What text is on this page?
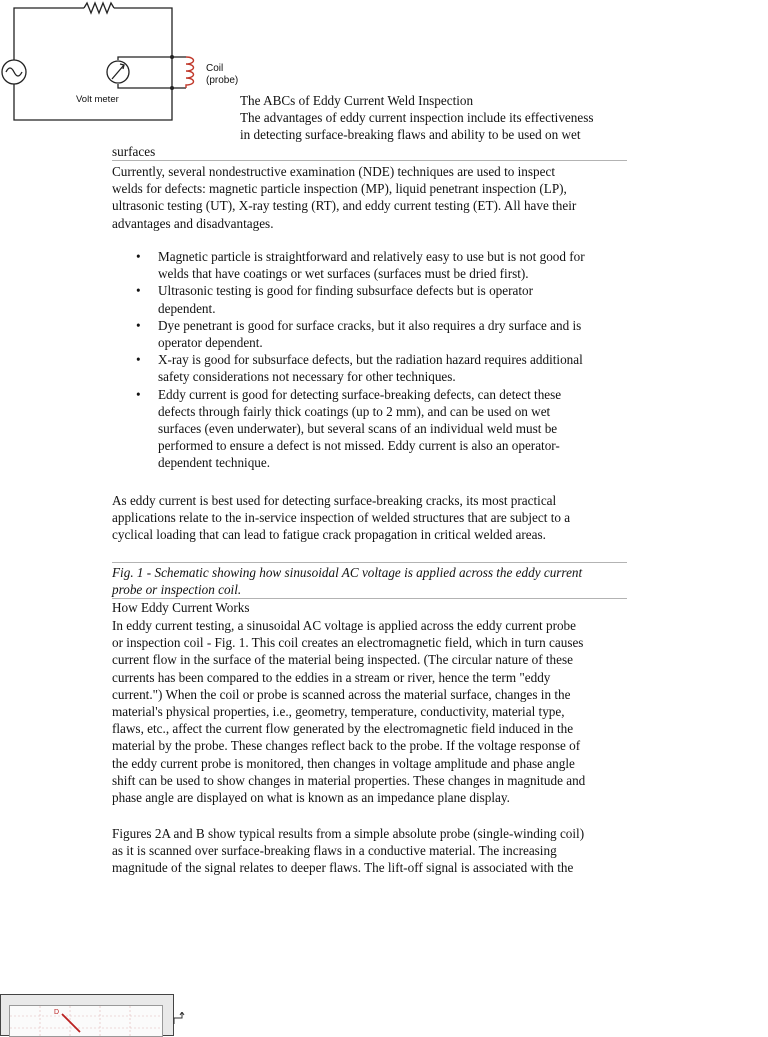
Coil
(probe)
Volt meter	The ABCs of Eddy Current Weld Inspection
The advantages of eddy current inspection include its effectiveness
in detecting surface-breaking flaws and ability to be used on wet
surfaces
Currently, several nondestructive examination (NDE) techniques are used to inspect
welds for defects: magnetic particle inspection (MP), liquid penetrant inspection (LP),
ultrasonic testing (UT), X-ray testing (RT), and eddy current testing (ET). All have their
advantages and disadvantages.
• Magnetic particle is straightforward and relatively easy to use but is not good for
welds that have coatings or wet surfaces (surfaces must be dried first).
• Ultrasonic testing is good for finding subsurface defects but is operator
dependent.
• Dye penetrant is good for surface cracks, but it also requires a dry surface and is
operator dependent.
• X-ray is good for subsurface defects, but the radiation hazard requires additional
safety considerations not necessary for other techniques.
• Eddy current is good for detecting surface-breaking defects, can detect these
defects through fairly thick coatings (up to 2 mm), and can be used on wet
surfaces (even underwater), but several scans of an individual weld must be
performed to ensure a defect is not missed. Eddy current is also an operator-
dependent technique.
As eddy current is best used for detecting surface-breaking cracks, its most practical
applications relate to the in-service inspection of welded structures that are subject to a
cyclical loading that can lead to fatigue crack propagation in critical welded areas.
Fig. 1 - Schematic showing how sinusoidal AC voltage is applied across the eddy current
probe or inspection coil.
How Eddy Current Works
In eddy current testing, a sinusoidal AC voltage is applied across the eddy current probe
or inspection coil - Fig. 1. This coil creates an electromagnetic field, which in turn causes
current flow in the surface of the material being inspected. (The circular nature of these
currents has been compared to the eddies in a stream or river, hence the term "eddy
current.") When the coil or probe is scanned across the material surface, changes in the
material's physical properties, i.e., geometry, temperature, conductivity, material type,
flaws, etc., affect the current flow generated by the electromagnetic field induced in the
material by the probe. These changes reflect back to the probe. If the voltage response of
the eddy current probe is monitored, then changes in voltage amplitude and phase angle
shift can be used to show changes in material properties. These changes in magnitude and
phase angle are displayed on what is known as an impedance plane display.
Figures 2A and B show typical results from a simple absolute probe (single-winding coil)
as it is scanned over surface-breaking flaws in a conductive material. The increasing
magnitude of the signal relates to deeper flaws. The lift-off signal is associated with the
D
